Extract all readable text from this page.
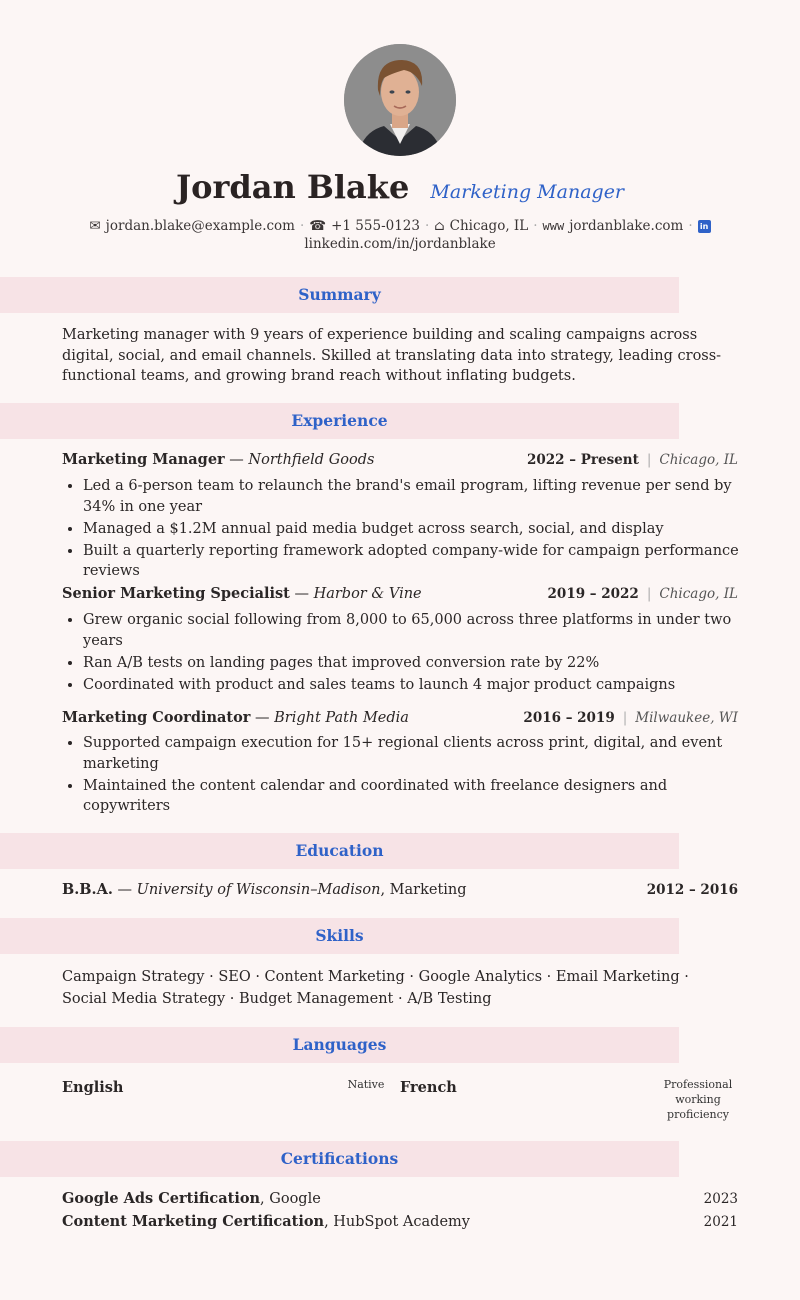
Jordan Blake Marketing Manager
✉ jordan.blake@example.com · ☎ +1 555-0123 · ⌂ Chicago, IL · www jordanblake.com · in
linkedin.com/in/jordanblake
Summary
Marketing manager with 9 years of experience building and scaling campaigns across digital, social, and email channels. Skilled at translating data into strategy, leading cross-functional teams, and growing brand reach without inflating budgets.
Experience
Marketing Manager — Northfield Goods	2022 – Present | Chicago, IL
• Led a 6-person team to relaunch the brand's email program, lifting revenue per send by 34% in one year
• Managed a $1.2M annual paid media budget across search, social, and display
• Built a quarterly reporting framework adopted company-wide for campaign performance reviews
Senior Marketing Specialist — Harbor & Vine	2019 – 2022 | Chicago, IL
• Grew organic social following from 8,000 to 65,000 across three platforms in under two years
• Ran A/B tests on landing pages that improved conversion rate by 22%
• Coordinated with product and sales teams to launch 4 major product campaigns
Marketing Coordinator — Bright Path Media	2016 – 2019 | Milwaukee, WI
• Supported campaign execution for 15+ regional clients across print, digital, and event marketing
• Maintained the content calendar and coordinated with freelance designers and copywriters
Education
B.B.A. — University of Wisconsin–Madison, Marketing	2012 – 2016
Skills
Campaign Strategy · SEO · Content Marketing · Google Analytics · Email Marketing · Social Media Strategy · Budget Management · A/B Testing
Languages
English	Native	French	Professional working proficiency
Certifications
Google Ads Certification, Google	2023
Content Marketing Certification, HubSpot Academy	2021
